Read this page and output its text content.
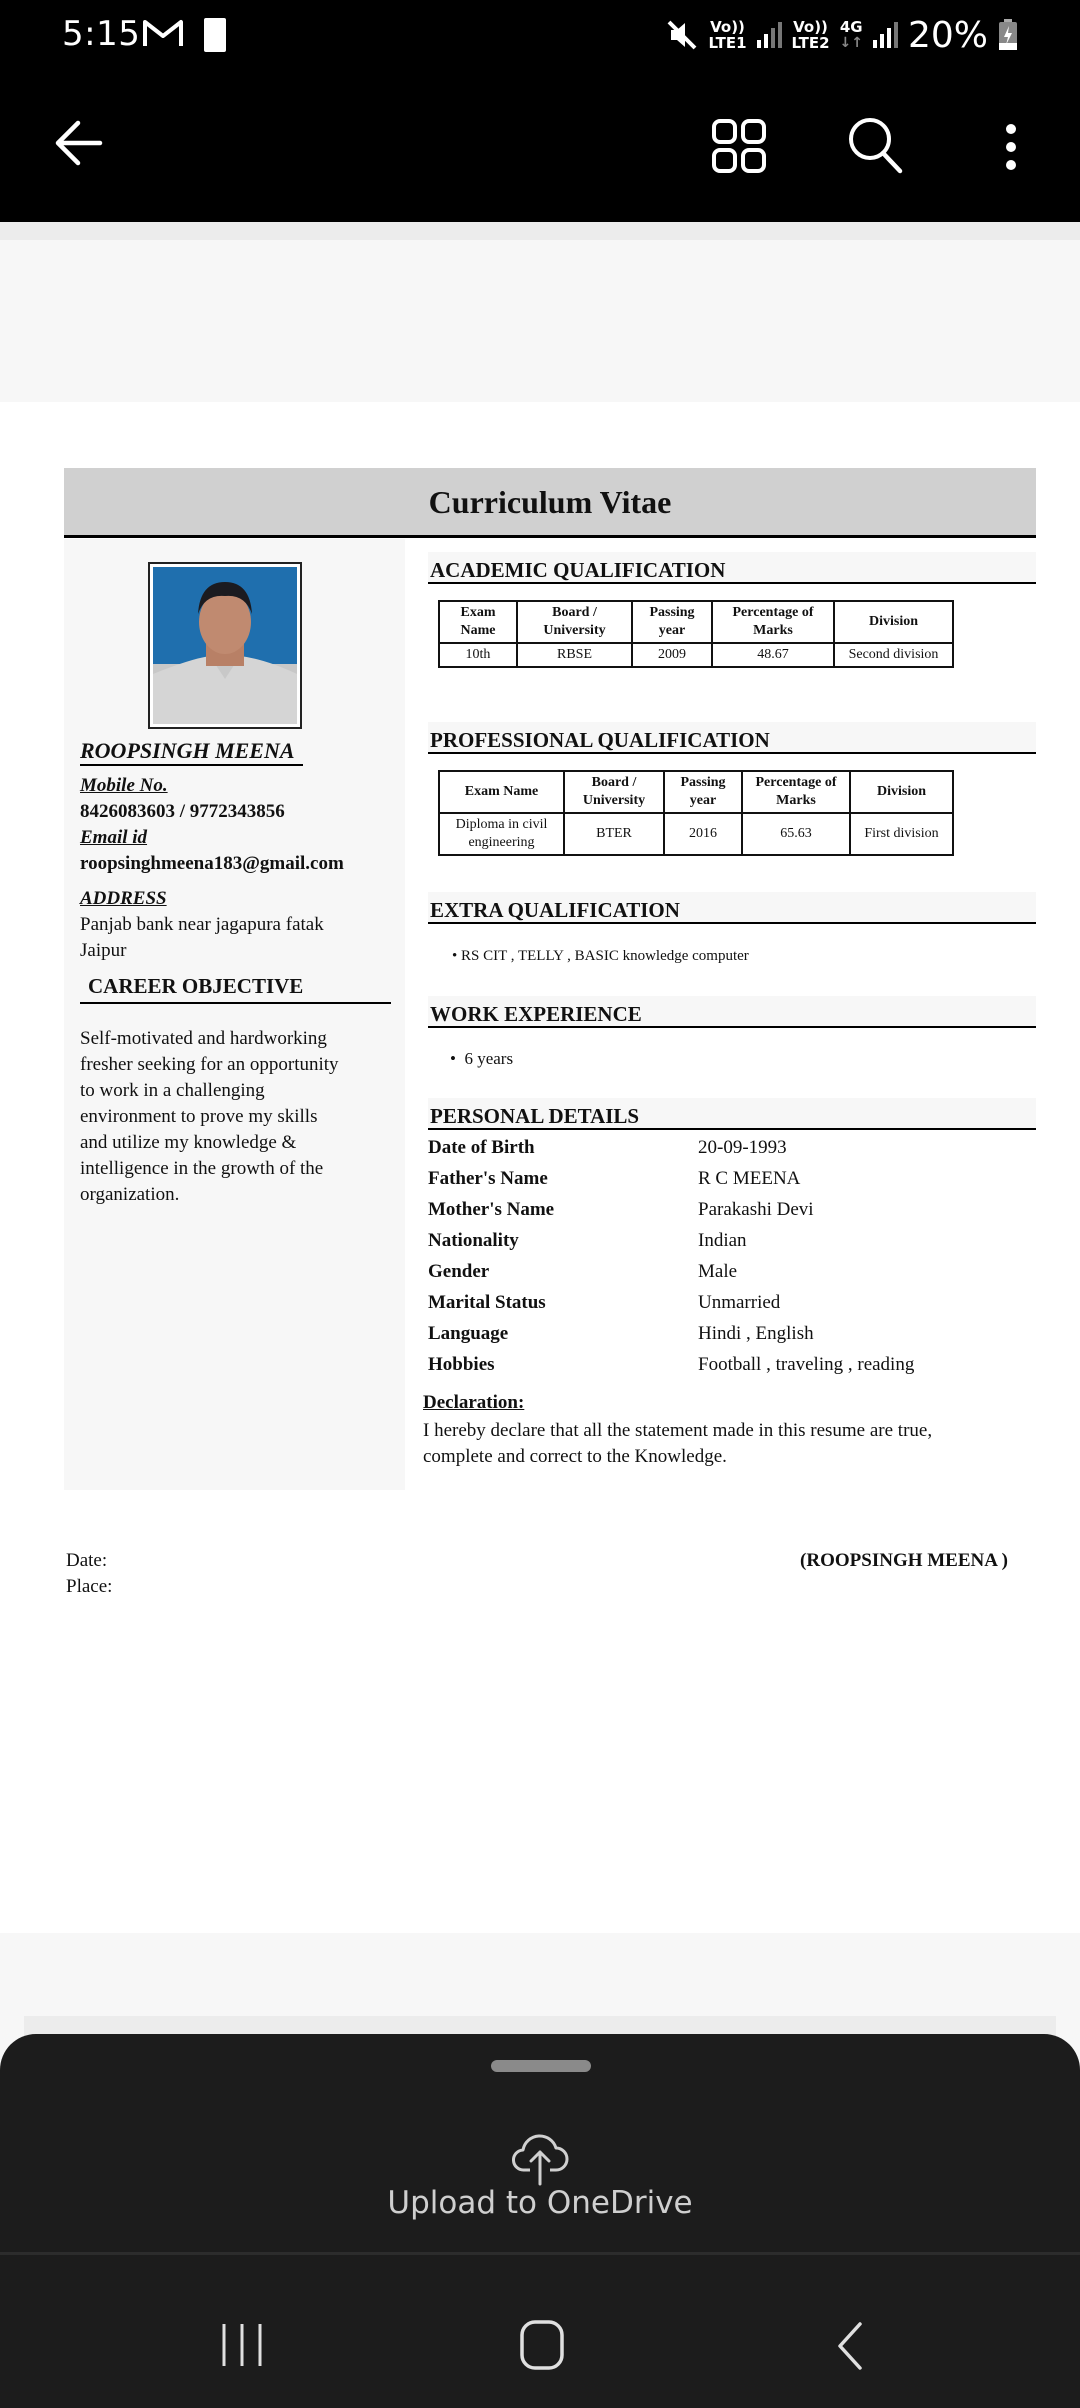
5:15	Vo))
LTE1
Vo))
LTE2
4G
↓↑ 20%
Curriculum Vitae
ROOPSINGH MEENA
Mobile No.
8426083603 / 9772343856
Email id
roopsinghmeena183@gmail.com
ADDRESS
Panjab bank near jagapura fatak
Jaipur
CAREER OBJECTIVE
Self-motivated and hardworking
fresher seeking for an opportunity
to work in a challenging
environment to prove my skills
and utilize my knowledge &
intelligence in the growth of the
organization.
ACADEMIC QUALIFICATION
Exam Name	Board / University	Passing year	Percentage of Marks	Division
10th	RBSE	2009	48.67	Second division
PROFESSIONAL QUALIFICATION
Exam Name	Board / University	Passing year	Percentage of Marks	Division
Diploma in civil engineering	BTER	2016	65.63	First division
EXTRA QUALIFICATION
• RS CIT , TELLY , BASIC knowledge computer
WORK EXPERIENCE
•  6 years
PERSONAL DETAILS
Date of Birth	20-09-1993
Father's Name	R C MEENA
Mother's Name	Parakashi Devi
Nationality	Indian
Gender	Male
Marital Status	Unmarried
Language	Hindi , English
Hobbies	Football , traveling , reading
Declaration:
I hereby declare that all the statement made in this resume are true,
complete and correct to the Knowledge.
Date:
Place:
(ROOPSINGH MEENA )
Upload to OneDrive
